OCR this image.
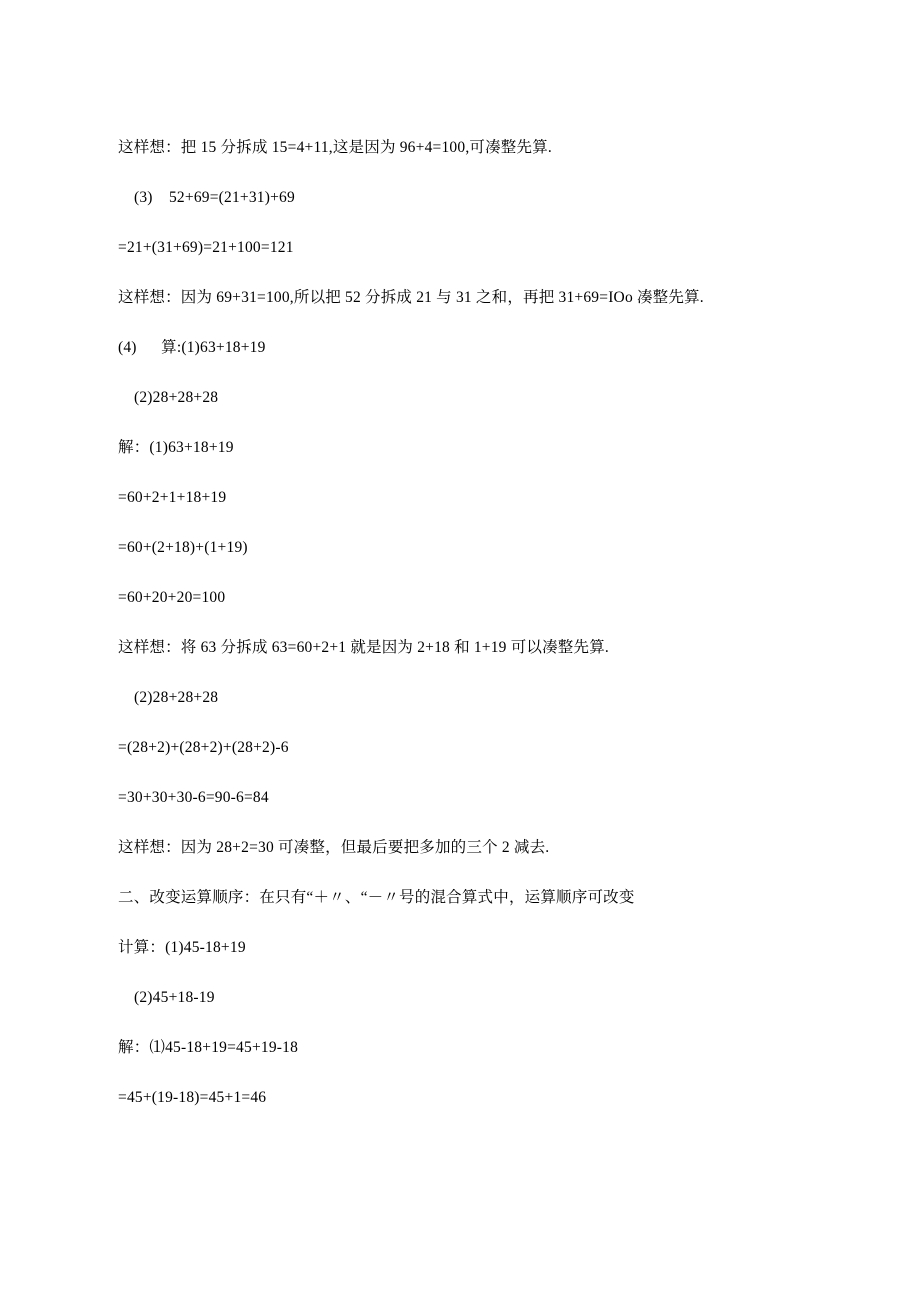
这样想：把 15 分拆成 15=4+11,这是因为 96+4=100,可凑整先算.

(3)    52+69=(21+31)+69

=21+(31+69)=21+100=121

这样想：因为 69+31=100,所以把 52 分拆成 21 与 31 之和，再把 31+69=IOo 凑整先算.

(4)      算:(1)63+18+19

(2)28+28+28

解：(1)63+18+19

=60+2+1+18+19

=60+(2+18)+(1+19)

=60+20+20=100

这样想：将 63 分拆成 63=60+2+1 就是因为 2+18 和 1+19 可以凑整先算.

(2)28+28+28

=(28+2)+(28+2)+(28+2)-6

=30+30+30-6=90-6=84

这样想：因为 28+2=30 可凑整，但最后要把多加的三个 2 减去.

二、改变运算顺序：在只有“＋〃、“－〃号的混合算式中，运算顺序可改变

计算：(1)45-18+19

(2)45+18-19

解：⑴45-18+19=45+19-18

=45+(19-18)=45+1=46
